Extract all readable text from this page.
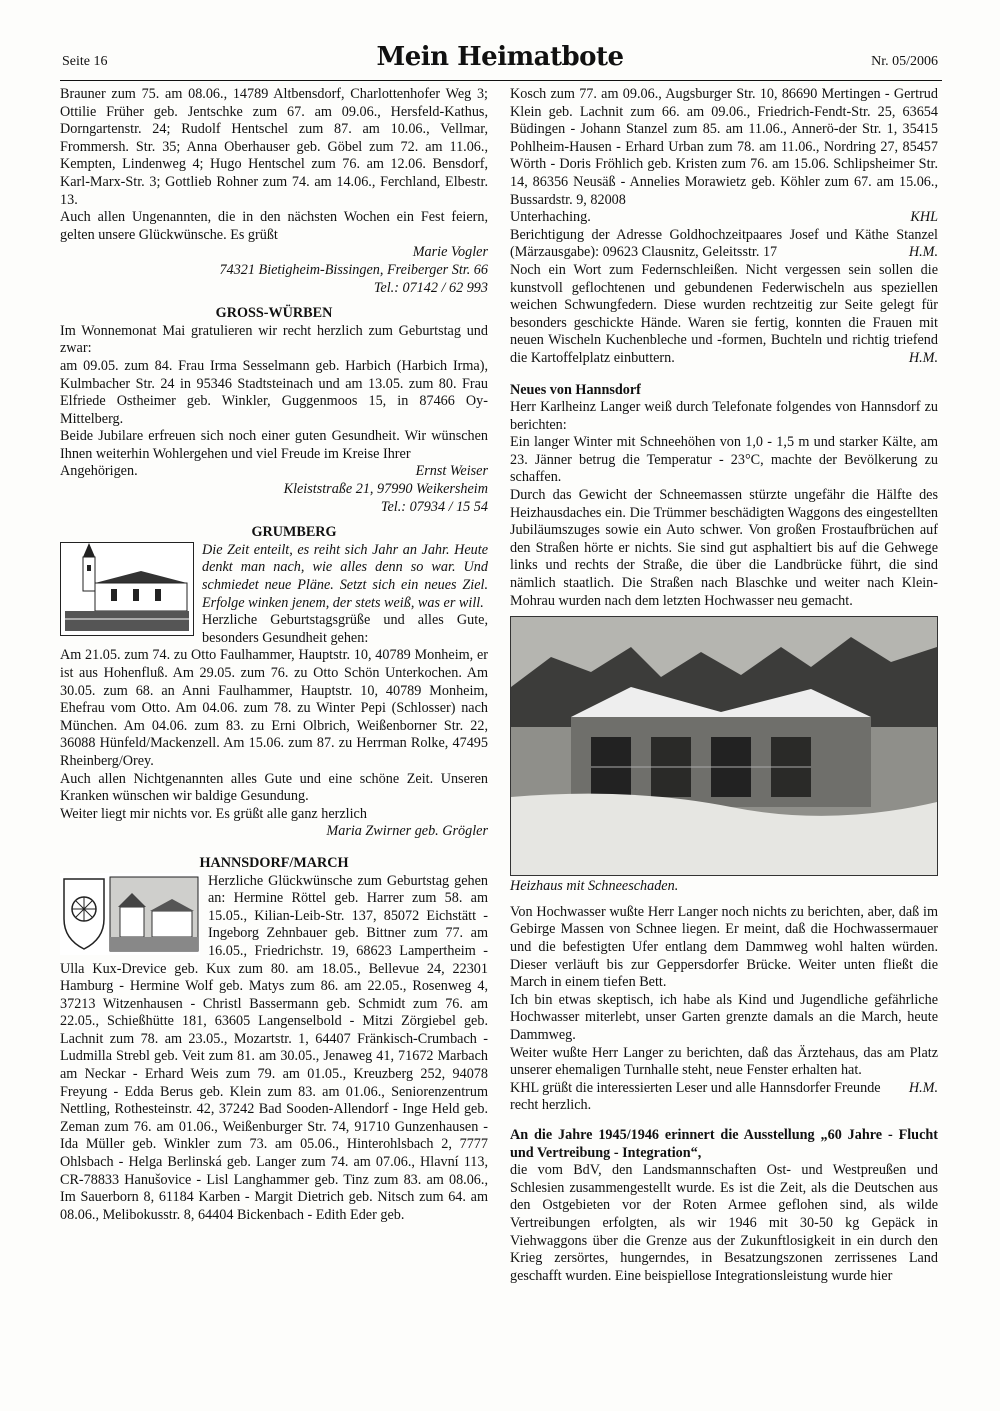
Seite 16	Mein Heimatbote	Nr. 05/2006

Brauner zum 75. am 08.06., 14789 Altbensdorf, Charlottenhofer Weg 3; Ottilie Früher geb. Jentschke zum 67. am 09.06., Hersfeld-Kathus, Dorngartenstr. 24; Rudolf Hentschel zum 87. am 10.06., Vellmar, Frommersh. Str. 35; Anna Oberhauser geb. Göbel zum 72. am 11.06., Kempten, Lindenweg 4; Hugo Hentschel zum 76. am 12.06. Bensdorf, Karl-Marx-Str. 3; Gottlieb Rohner zum 74. am 14.06., Ferchland, Elbestr. 13.

Auch allen Ungenannten, die in den nächsten Wochen ein Fest feiern, gelten unsere Glückwünsche. Es grüßt

Marie Vogler

74321 Bietigheim-Bissingen, Freiberger Str. 66

Tel.: 07142 / 62 993

GROSS-WÜRBEN

Im Wonnemonat Mai gratulieren wir recht herzlich zum Geburtstag und zwar:

am 09.05. zum 84. Frau Irma Sesselmann geb. Harbich (Harbich Irma), Kulmbacher Str. 24 in 95346 Stadtsteinach und am 13.05. zum 80. Frau Elfriede Ostheimer geb. Winkler, Guggenmoos 15, in 87466 Oy-Mittelberg.

Beide Jubilare erfreuen sich noch einer guten Gesundheit. Wir wünschen Ihnen weiterhin Wohlergehen und viel Freude im Kreise Ihrer

Angehörigen.	Ernst Weiser

Kleiststraße 21, 97990 Weikersheim

Tel.: 07934 / 15 54

GRUMBERG

Die Zeit enteilt, es reiht sich Jahr an Jahr. Heute denkt man nach, wie alles denn so war. Und schmiedet neue Pläne. Setzt sich ein neues Ziel. Erfolge winken jenem, der stets weiß, was er will.

Herzliche Geburtstagsgrüße und alles Gute, besonders Gesundheit gehen:

Am 21.05. zum 74. zu Otto Faulhammer, Hauptstr. 10, 40789 Monheim, er ist aus Hohenfluß. Am 29.05. zum 76. zu Otto Schön Unterkochen. Am 30.05. zum 68. an Anni Faulhammer, Hauptstr. 10, 40789 Monheim, Ehefrau vom Otto. Am 04.06. zum 78. zu Winter Pepi (Schlosser) nach München. Am 04.06. zum 83. zu Erni Olbrich, Weißenborner Str. 22, 36088 Hünfeld/Mackenzell. Am 15.06. zum 87. zu Herrman Rolke, 47495 Rheinberg/Orey.

Auch allen Nichtgenannten alles Gute und eine schöne Zeit. Unseren Kranken wünschen wir baldige Gesundung.

Weiter liegt mir nichts vor. Es grüßt alle ganz herzlich

Maria Zwirner geb. Grögler

HANNSDORF/MARCH

Herzliche Glückwünsche zum Geburtstag gehen an: Hermine Röttel geb. Harrer zum 58. am 15.05., Kilian-Leib-Str. 137, 85072 Eichstätt - Ingeborg Zehnbauer geb. Bittner zum 77. am 16.05., Friedrichstr. 19, 68623 Lampertheim - Ulla Kux-Drevice geb. Kux zum 80. am 18.05., Bellevue 24, 22301 Hamburg - Hermine Wolf geb. Matys zum 86. am 22.05., Rosenweg 4, 37213 Witzenhausen - Christl Bassermann geb. Schmidt zum 76. am 22.05., Schießhütte 181, 63605 Langenselbold - Mitzi Zörgiebel geb. Lachnit zum 78. am 23.05., Mozartstr. 1, 64407 Fränkisch-Crumbach - Ludmilla Strebl geb. Veit zum 81. am 30.05., Jenaweg 41, 71672 Marbach am Neckar - Erhard Weis zum 79. am 01.05., Kreuzberg 252, 94078 Freyung - Edda Berus geb. Klein zum 83. am 01.06., Seniorenzentrum Nettling, Rothesteinstr. 42, 37242 Bad Sooden-Allendorf - Inge Held geb. Zeman zum 76. am 01.06., Weißenburger Str. 74, 91710 Gunzenhausen - Ida Müller geb. Winkler zum 73. am 05.06., Hinterohlsbach 2, 7777 Ohlsbach - Helga Berlinská geb. Langer zum 74. am 07.06., Hlavní 113, CR-78833 Hanušovice - Lisl Langhammer geb. Tinz zum 83. am 08.06., Im Sauerborn 8, 61184 Karben - Margit Dietrich geb. Nitsch zum 64. am 08.06., Melibokusstr. 8, 64404 Bickenbach - Edith Eder geb.

Kosch zum 77. am 09.06., Augsburger Str. 10, 86690 Mertingen - Gertrud Klein geb. Lachnit zum 66. am 09.06., Friedrich-Fendt-Str. 25, 63654 Büdingen - Johann Stanzel zum 85. am 11.06., Annerö-der Str. 1, 35415 Pohlheim-Hausen - Erhard Urban zum 78. am 11.06., Nordring 27, 85457 Wörth - Doris Fröhlich geb. Kristen zum 76. am 15.06. Schlipsheimer Str. 14, 86356 Neusäß - Annelies Morawietz geb. Köhler zum 67. am 15.06., Bussardstr. 9, 82008

Unterhaching.	KHL

Berichtigung der Adresse Goldhochzeitpaares Josef und Käthe Stanzel (Märzausgabe): 09623 Clausnitz, Geleitsstr. 17	H.M.

Noch ein Wort zum Federnschleißen. Nicht vergessen sein sollen die kunstvoll geflochtenen und gebundenen Federwischeln aus speziellen weichen Schwungfedern. Diese wurden rechtzeitig zur Seite gelegt für besonders geschickte Hände. Waren sie fertig, konnten die Frauen mit neuen Wischeln Kuchenbleche und -formen, Buchteln und richtig triefend die Kartoffelplatz einbuttern.	H.M.

Neues von Hannsdorf

Herr Karlheinz Langer weiß durch Telefonate folgendes von Hannsdorf zu berichten:

Ein langer Winter mit Schneehöhen von 1,0 - 1,5 m und starker Kälte, am 23. Jänner betrug die Temperatur - 23°C, machte der Bevölkerung zu schaffen.

Durch das Gewicht der Schneemassen stürzte ungefähr die Hälfte des Heizhausdaches ein. Die Trümmer beschädigten Waggons des eingestellten Jubiläumszuges sowie ein Auto schwer. Von großen Frostaufbrüchen auf den Straßen hörte er nichts. Sie sind gut asphaltiert bis auf die Gehwege links und rechts der Straße, die über die Landbrücke führt, die sind nämlich staatlich. Die Straßen nach Blaschke und weiter nach Klein-Mohrau wurden nach dem letzten Hochwasser neu gemacht.

Heizhaus mit Schneeschaden.

Von Hochwasser wußte Herr Langer noch nichts zu berichten, aber, daß im Gebirge Massen von Schnee liegen. Er meint, daß die Hochwassermauer und die befestigten Ufer entlang dem Dammweg wohl halten würden. Dieser verläuft bis zur Geppersdorfer Brücke. Weiter unten fließt die March in einem tiefen Bett.

Ich bin etwas skeptisch, ich habe als Kind und Jugendliche gefährliche Hochwasser miterlebt, unser Garten grenzte damals an die March, heute Dammweg.

Weiter wußte Herr Langer zu berichten, daß das Ärztehaus, das am Platz unserer ehemaligen Turnhalle steht, neue Fenster erhalten hat.

KHL grüßt die interessierten Leser und alle Hannsdorfer Freunde recht herzlich.
H.M.

An die Jahre 1945/1946 erinnert die Ausstellung „60 Jahre - Flucht und Vertreibung - Integration“,

die vom BdV, den Landsmannschaften Ost- und Westpreußen und Schlesien zusammengestellt wurde. Es ist die Zeit, als die Deutschen aus den Ostgebieten vor der Roten Armee geflohen sind, als wilde Vertreibungen erfolgten, als wir 1946 mit 30-50 kg Gepäck in Viehwaggons über die Grenze aus der Zukunftlosigkeit in ein durch den Krieg zersörtes, hungerndes, in Besatzungszonen zerrissenes Land geschafft wurden. Eine beispiellose Integrationsleistung wurde hier
